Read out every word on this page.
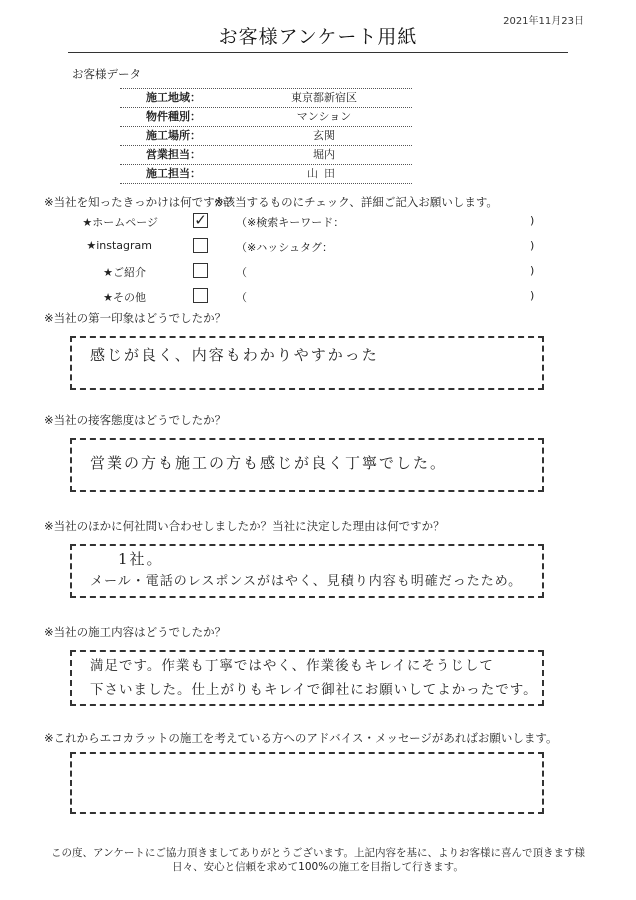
2021年11月23日
お客様アンケート用紙
お客様データ
施工地域：	東京都新宿区
物件種別：	マンション
施工場所：	玄関
営業担当：	堀内
施工担当：	山田
※当社を知ったきっかけは何ですか？
※該当するものにチェック、詳細ご記入お願いします。
★ホームページ ✓	（※検索キーワード：	)
★instagram	（※ハッシュタグ：	)
★ご紹介	（	)
★その他	（	)
※当社の第一印象はどうでしたか？
感じが良く、内容もわかりやすかった
※当社の接客態度はどうでしたか？
営業の方も施工の方も感じが良く丁寧でした。
※当社のほかに何社問い合わせしましたか？当社に決定した理由は何ですか？
1社。
メール・電話のレスポンスがはやく、見積り内容も明確だったため。
※当社の施工内容はどうでしたか？
満足です。作業も丁寧ではやく、作業後もキレイにそうじして
下さいました。仕上がりもキレイで御社にお願いしてよかったです。
※これからエコカラットの施工を考えている方へのアドバイス・メッセージがあればお願いします。
この度、アンケートにご協力頂きましてありがとうございます。上記内容を基に、よりお客様に喜んで頂きます様
日々、安心と信頼を求めて100%の施工を目指して行きます。
